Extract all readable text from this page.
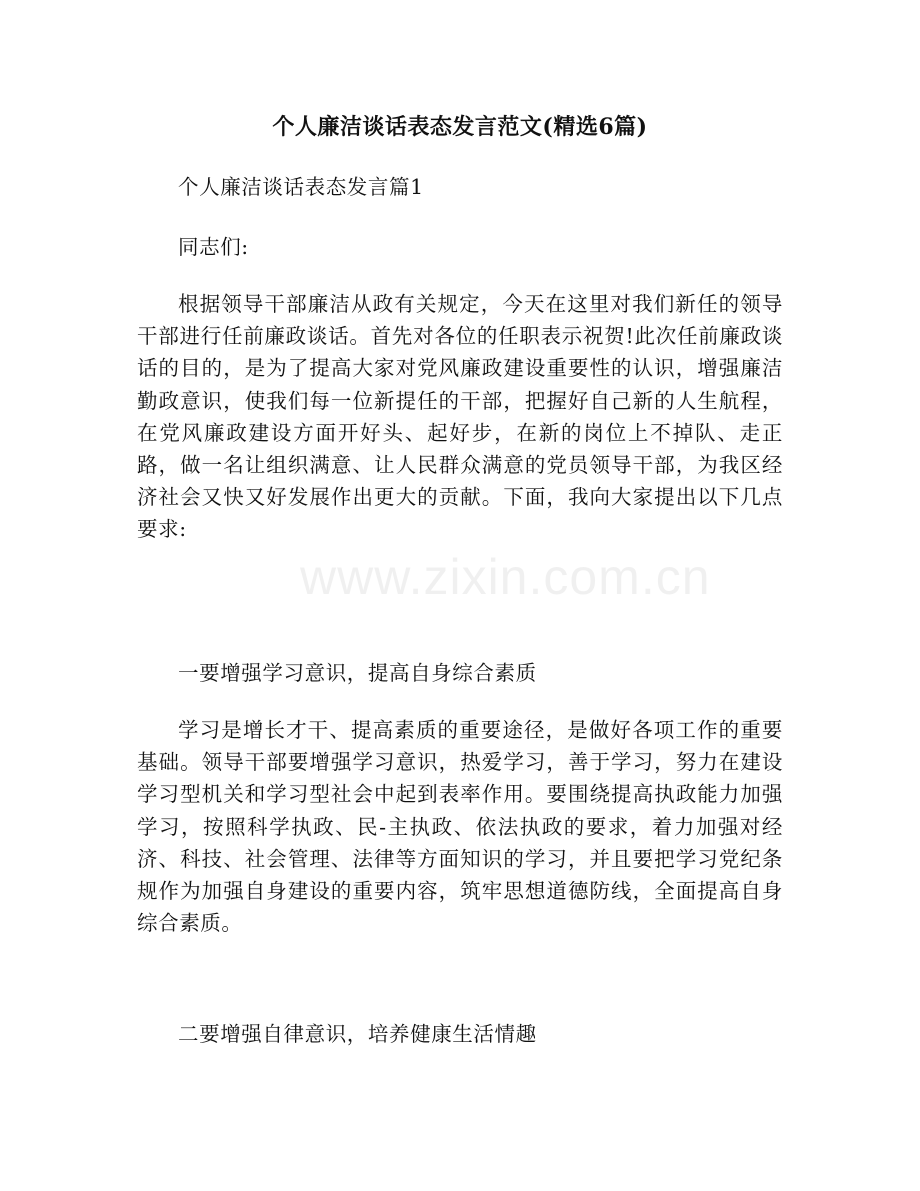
www.zixin.com.cn
个人廉洁谈话表态发言范文(精选6篇)
个人廉洁谈话表态发言篇1
同志们:
根据领导干部廉洁从政有关规定，今天在这里对我们新任的领导干部进行任前廉政谈话。首先对各位的任职表示祝贺!此次任前廉政谈话的目的，是为了提高大家对党风廉政建设重要性的认识，增强廉洁勤政意识，使我们每一位新提任的干部，把握好自己新的人生航程，在党风廉政建设方面开好头、起好步，在新的岗位上不掉队、走正路，做一名让组织满意、让人民群众满意的党员领导干部，为我区经济社会又快又好发展作出更大的贡献。下面，我向大家提出以下几点要求:
一要增强学习意识，提高自身综合素质
学习是增长才干、提高素质的重要途径，是做好各项工作的重要基础。领导干部要增强学习意识，热爱学习，善于学习，努力在建设学习型机关和学习型社会中起到表率作用。要围绕提高执政能力加强学习，按照科学执政、民-主执政、依法执政的要求，着力加强对经济、科技、社会管理、法律等方面知识的学习，并且要把学习党纪条规作为加强自身建设的重要内容，筑牢思想道德防线，全面提高自身综合素质。
二要增强自律意识，培养健康生活情趣
